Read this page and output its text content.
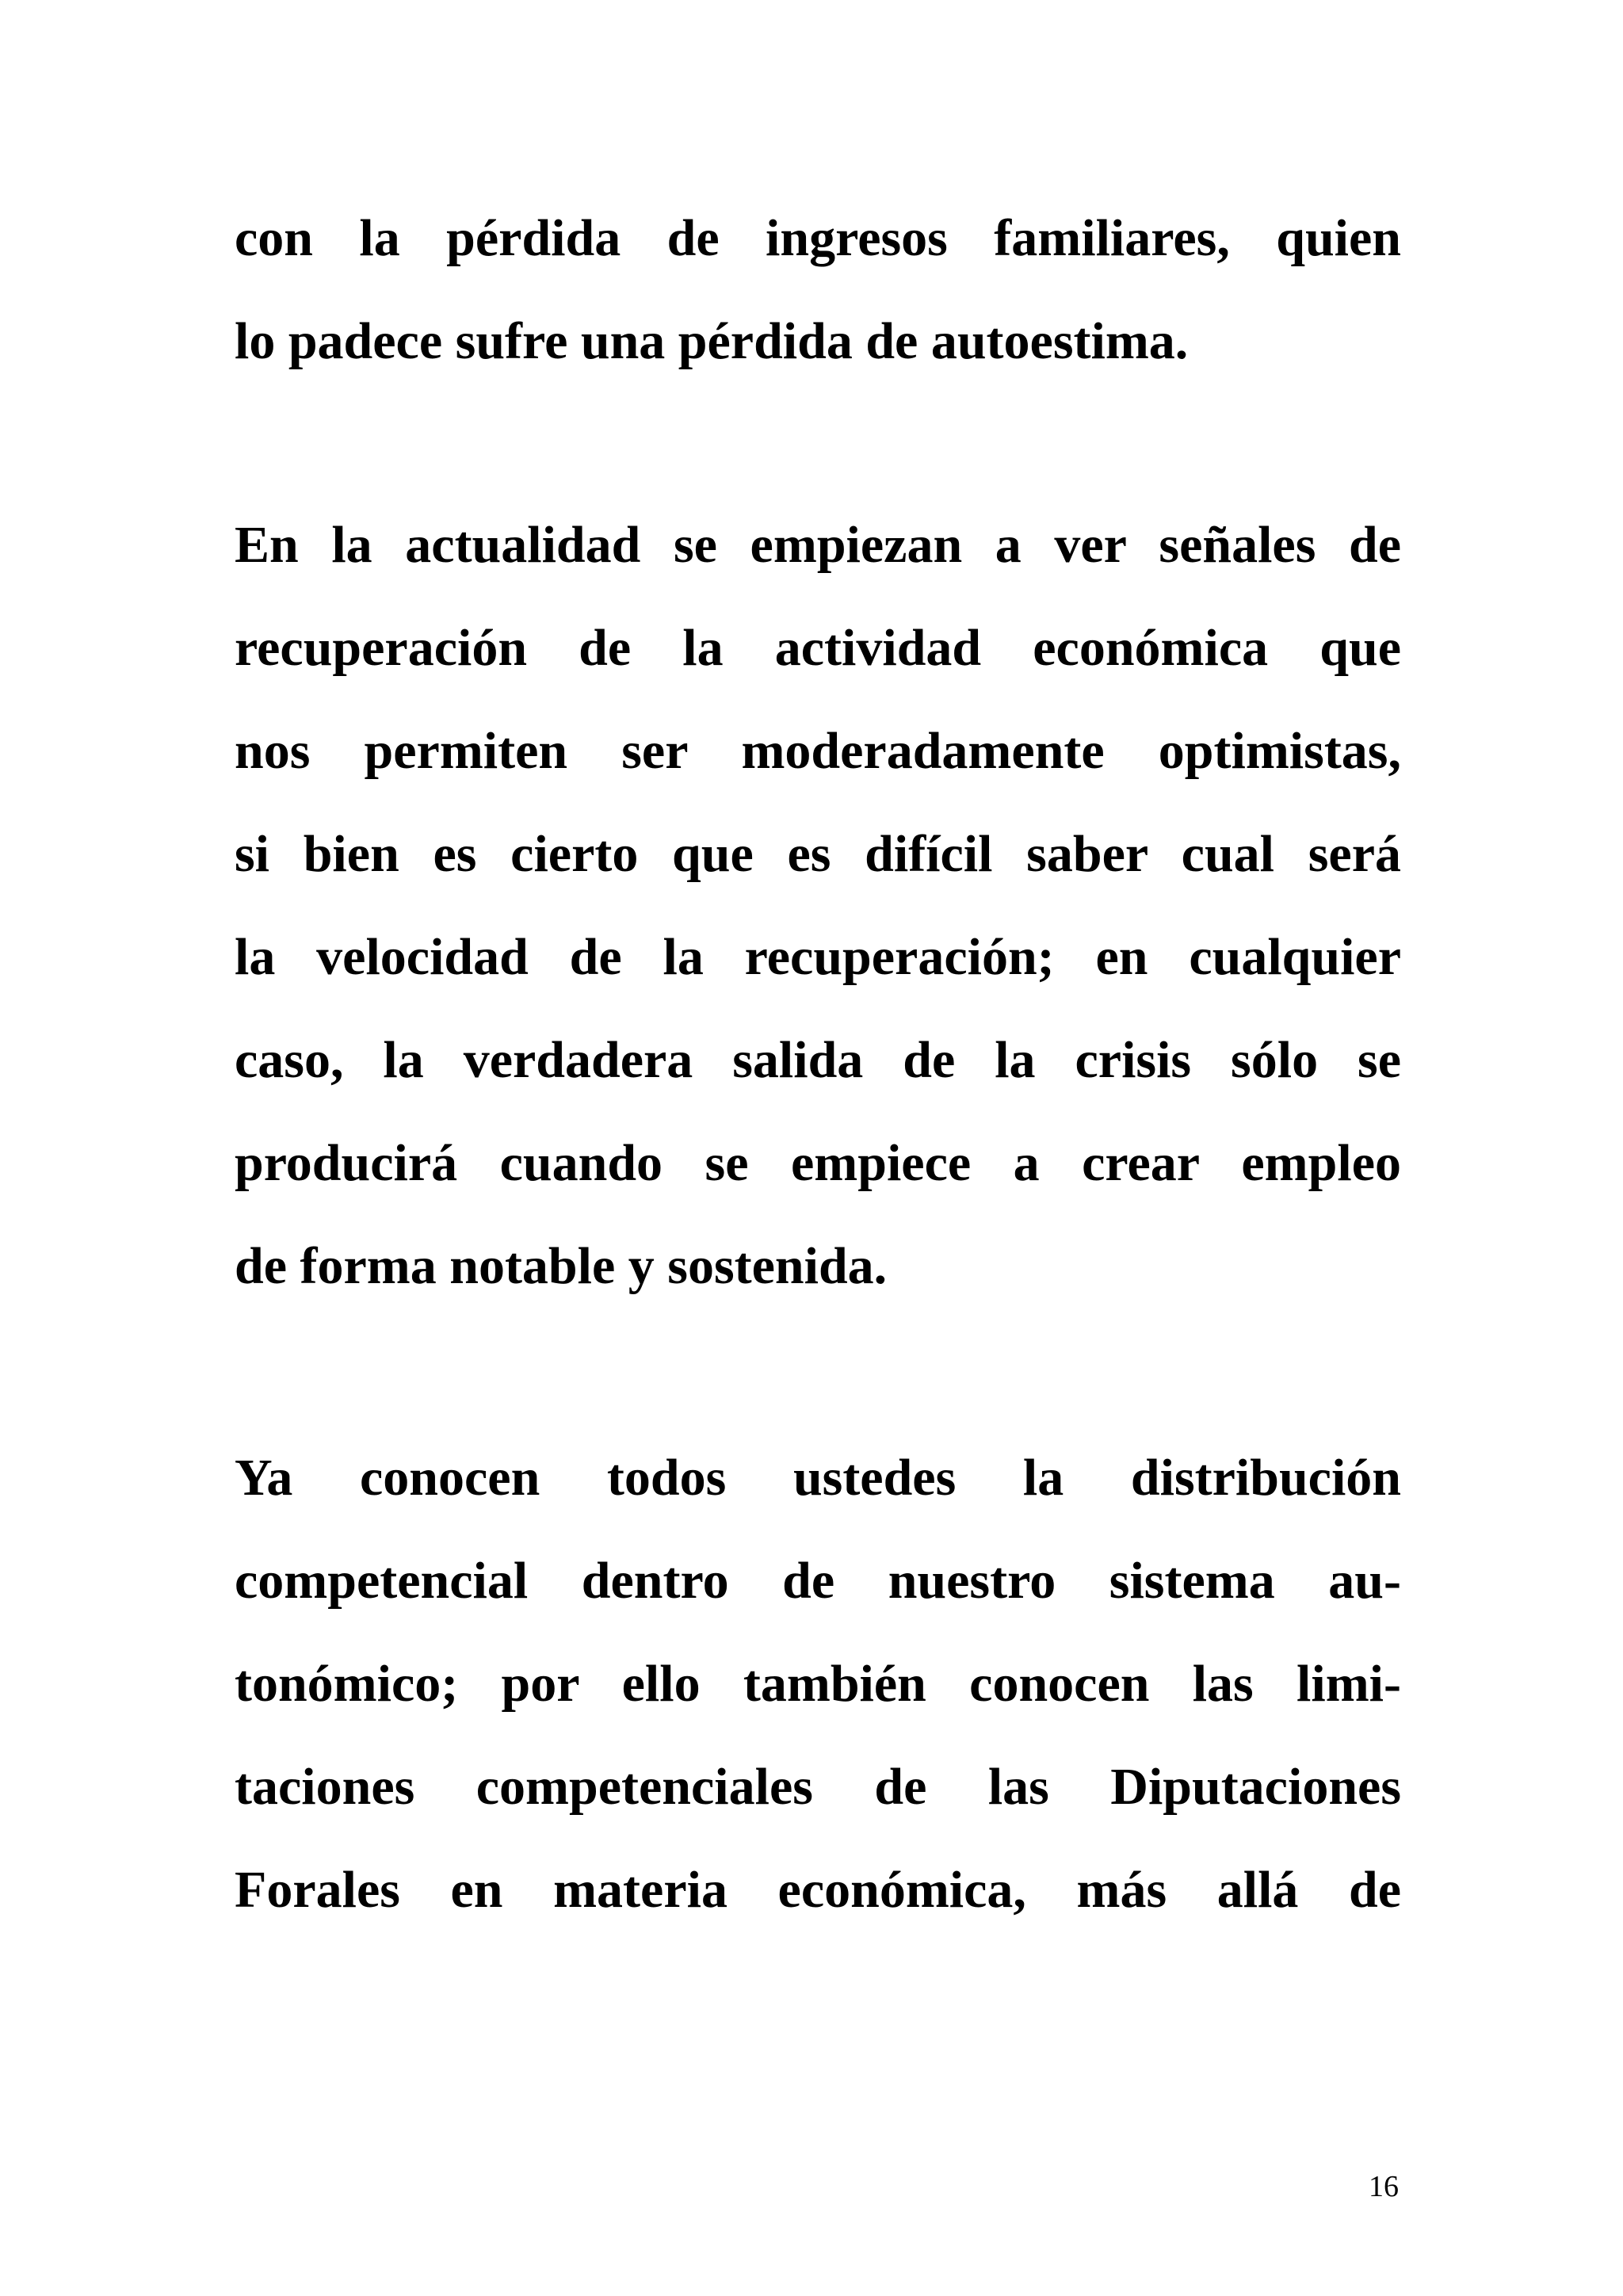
con la pérdida de ingresos familiares, quien
lo padece sufre una pérdida de autoestima.
En la actualidad se empiezan a ver señales de
recuperación de la actividad económica que
nos permiten ser moderadamente optimistas,
si bien es cierto que es difícil saber cual será
la velocidad de la recuperación; en cualquier
caso, la verdadera salida de la crisis sólo se
producirá cuando se empiece a crear empleo
de forma notable y sostenida.
Ya conocen todos ustedes la distribución
competencial dentro de nuestro sistema au-
tonómico; por ello también conocen las limi-
taciones competenciales de las Diputaciones
Forales en materia económica, más allá de
16
